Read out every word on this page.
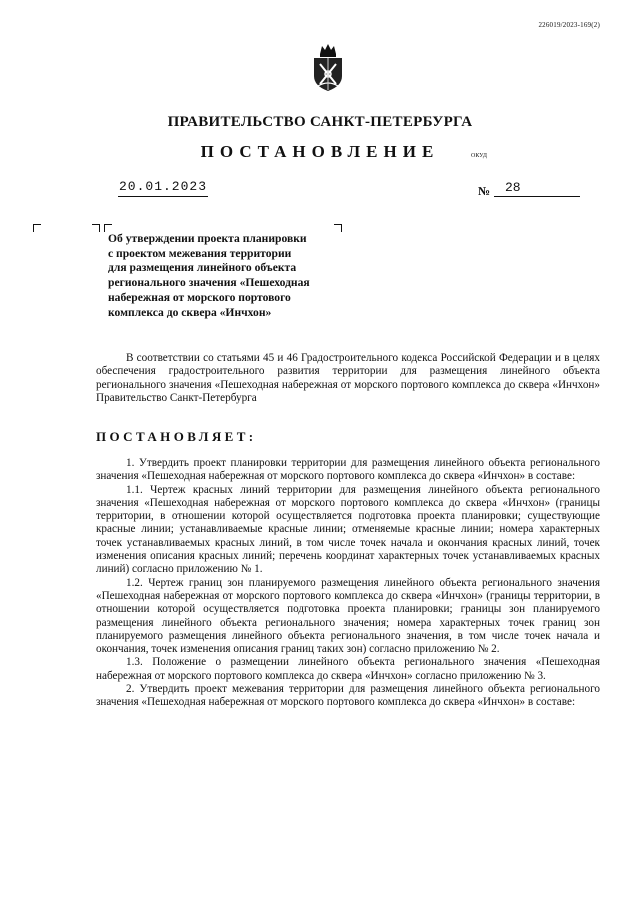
226019/2023-169(2)
ПРАВИТЕЛЬСТВО САНКТ-ПЕТЕРБУРГА
ПОСТАНОВЛЕНИЕ	ОКУД
20.01.2023	№ 28
Об утверждении проекта планировки
с проектом межевания территории
для размещения линейного объекта
регионального значения «Пешеходная
набережная от морского портового
комплекса до сквера «Инчхон»

В соответствии со статьями 45 и 46 Градостроительного кодекса Российской Федерации и в целях обеспечения градостроительного развития территории для размещения линейного объекта регионального значения «Пешеходная набережная от морского портового комплекса до сквера «Инчхон» Правительство Санкт-Петербурга

ПОСТАНОВЛЯЕТ:

1. Утвердить проект планировки территории для размещения линейного объекта регионального значения «Пешеходная набережная от морского портового комплекса до сквера «Инчхон» в составе:

1.1. Чертеж красных линий территории для размещения линейного объекта регионального значения «Пешеходная набережная от морского портового комплекса до сквера «Инчхон» (границы территории, в отношении которой осуществляется подготовка проекта планировки; существующие красные линии; устанавливаемые красные линии; отменяемые красные линии; номера характерных точек устанавливаемых красных линий, в том числе точек начала и окончания красных линий, точек изменения описания красных линий; перечень координат характерных точек устанавливаемых красных линий) согласно приложению № 1.

1.2. Чертеж границ зон планируемого размещения линейного объекта регионального значения «Пешеходная набережная от морского портового комплекса до сквера «Инчхон» (границы территории, в отношении которой осуществляется подготовка проекта планировки; границы зон планируемого размещения линейного объекта регионального значения; номера характерных точек границ зон планируемого размещения линейного объекта регионального значения, в том числе точек начала и окончания, точек изменения описания границ таких зон) согласно приложению № 2.

1.3. Положение о размещении линейного объекта регионального значения «Пешеходная набережная от морского портового комплекса до сквера «Инчхон» согласно приложению № 3.

2. Утвердить проект межевания территории для размещения линейного объекта регионального значения «Пешеходная набережная от морского портового комплекса до сквера «Инчхон» в составе:
